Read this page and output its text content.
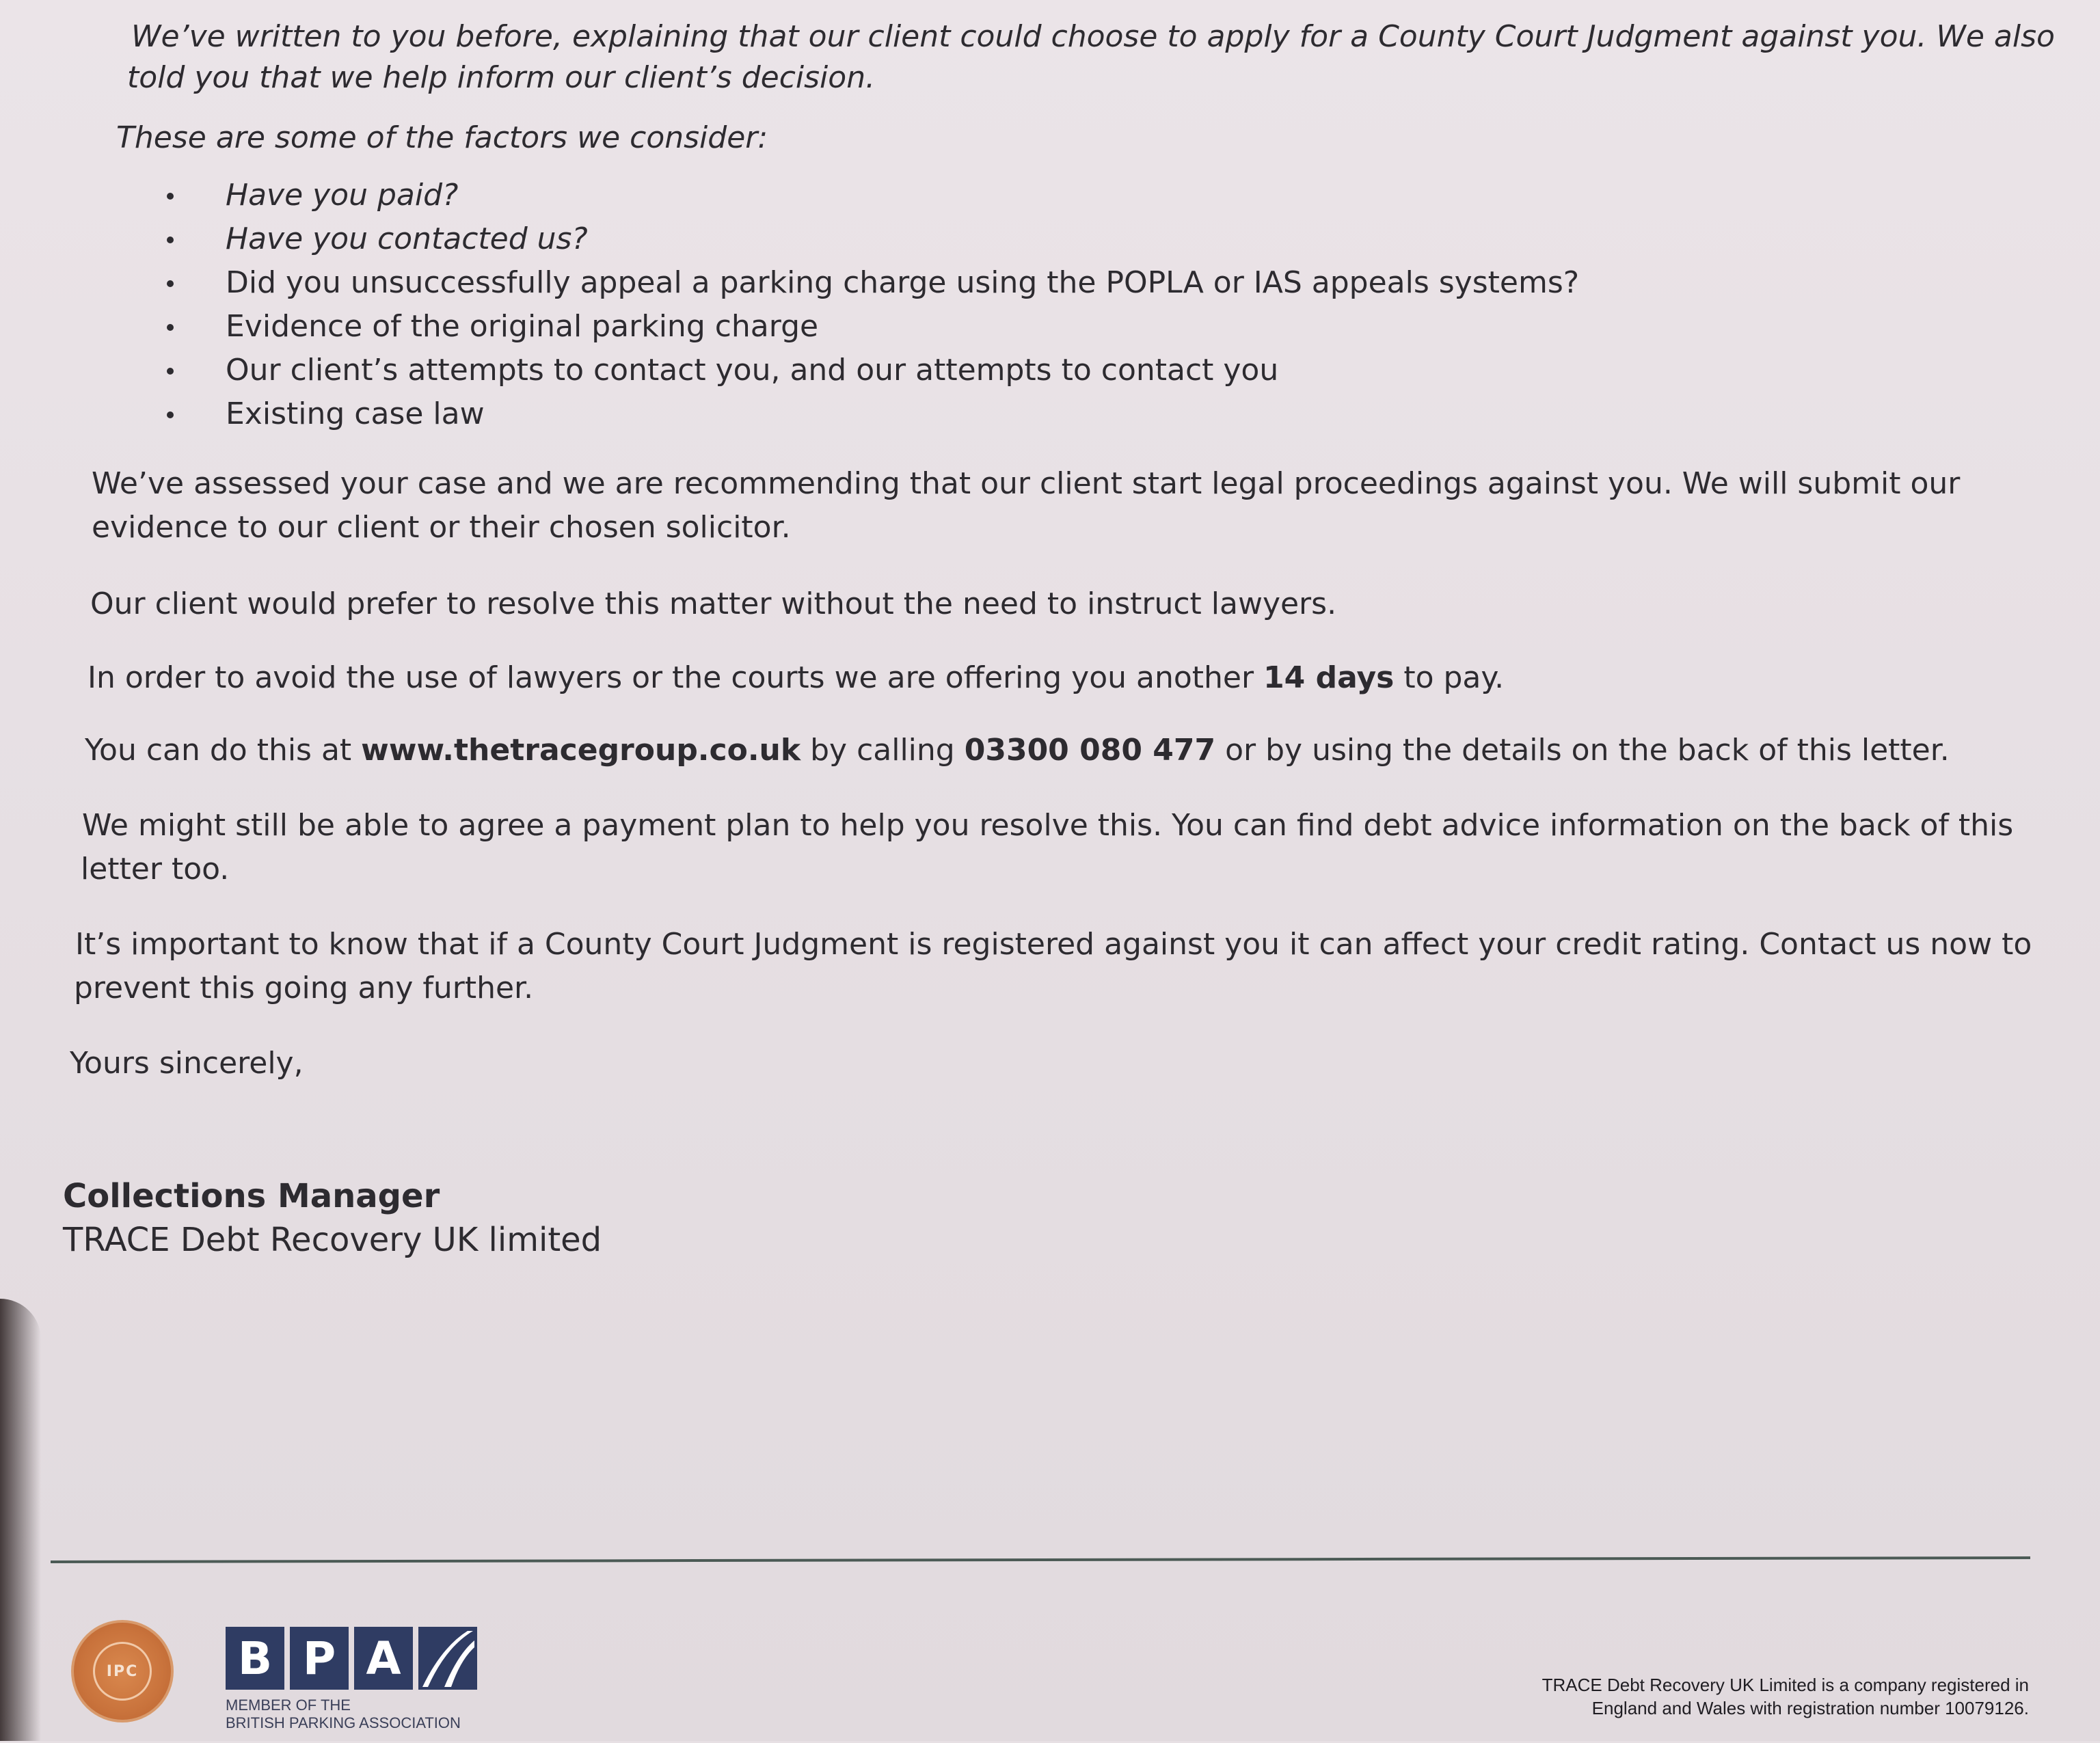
We’ve written to you before, explaining that our client could choose to apply for a County Court Judgment against you. We also

told you that we help inform our client’s decision.

These are some of the factors we consider:

Have you paid?
Have you contacted us?
Did you unsuccessfully appeal a parking charge using the POPLA or IAS appeals systems?
Evidence of the original parking charge
Our client’s attempts to contact you, and our attempts to contact you
Existing case law

We’ve assessed your case and we are recommending that our client start legal proceedings against you. We will submit our

evidence to our client or their chosen solicitor.

Our client would prefer to resolve this matter without the need to instruct lawyers.

In order to avoid the use of lawyers or the courts we are offering you another 14 days to pay.

You can do this at www.thetracegroup.co.uk by calling 03300 080 477 or by using the details on the back of this letter.

We might still be able to agree a payment plan to help you resolve this. You can find debt advice information on the back of this

letter too.

It’s important to know that if a County Court Judgment is registered against you it can affect your credit rating. Contact us now to

prevent this going any further.

Yours sincerely,

Collections Manager
TRACE Debt Recovery UK limited
IPC B P A
MEMBER OF THE
BRITISH PARKING ASSOCIATION
TRACE Debt Recovery UK Limited is a company registered in
England and Wales with registration number 10079126.
